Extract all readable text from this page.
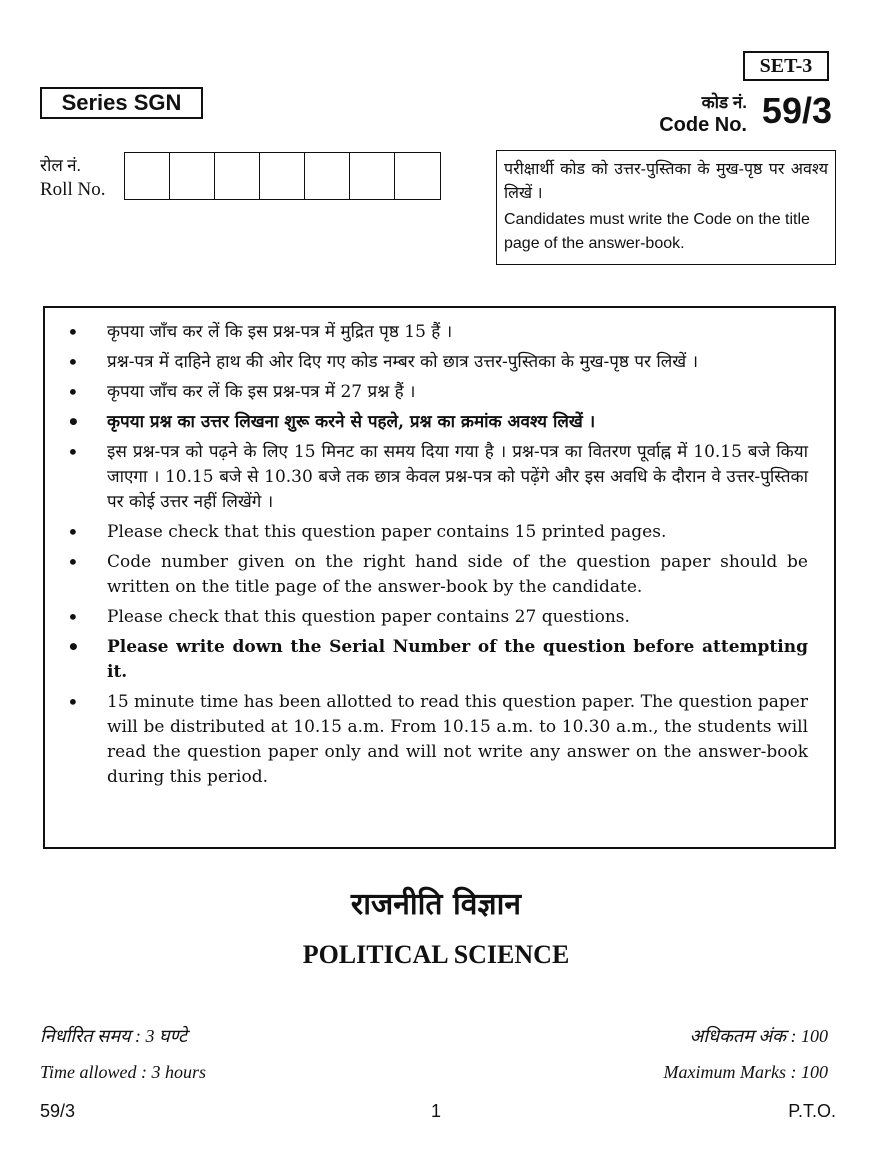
SET-3
Series SGN	कोड नं.
Code No. 59/3
रोल नं.
Roll No.
परीक्षार्थी कोड को उत्तर-पुस्तिका के मुख-पृष्ठ पर अवश्य लिखें ।
Candidates must write the Code on the title page of the answer-book.
• कृपया जाँच कर लें कि इस प्रश्न-पत्र में मुद्रित पृष्ठ 15 हैं ।
• प्रश्न-पत्र में दाहिने हाथ की ओर दिए गए कोड नम्बर को छात्र उत्तर-पुस्तिका के मुख-पृष्ठ पर लिखें ।
• कृपया जाँच कर लें कि इस प्रश्न-पत्र में 27 प्रश्न हैं ।
• कृपया प्रश्न का उत्तर लिखना शुरू करने से पहले, प्रश्न का क्रमांक अवश्य लिखें ।
• इस प्रश्न-पत्र को पढ़ने के लिए 15 मिनट का समय दिया गया है । प्रश्न-पत्र का वितरण पूर्वाह्न में 10.15 बजे किया जाएगा । 10.15 बजे से 10.30 बजे तक छात्र केवल प्रश्न-पत्र को पढ़ेंगे और इस अवधि के दौरान वे उत्तर-पुस्तिका पर कोई उत्तर नहीं लिखेंगे ।
• Please check that this question paper contains 15 printed pages.
• Code number given on the right hand side of the question paper should be written on the title page of the answer-book by the candidate.
• Please check that this question paper contains 27 questions.
• Please write down the Serial Number of the question before attempting it.
• 15 minute time has been allotted to read this question paper. The question paper will be distributed at 10.15 a.m. From 10.15 a.m. to 10.30 a.m., the students will read the question paper only and will not write any answer on the answer-book during this period.
राजनीति विज्ञान
POLITICAL SCIENCE
निर्धारित समय : 3 घण्टे	अधिकतम अंक : 100
Time allowed : 3 hours	Maximum Marks : 100
59/3	1	P.T.O.
